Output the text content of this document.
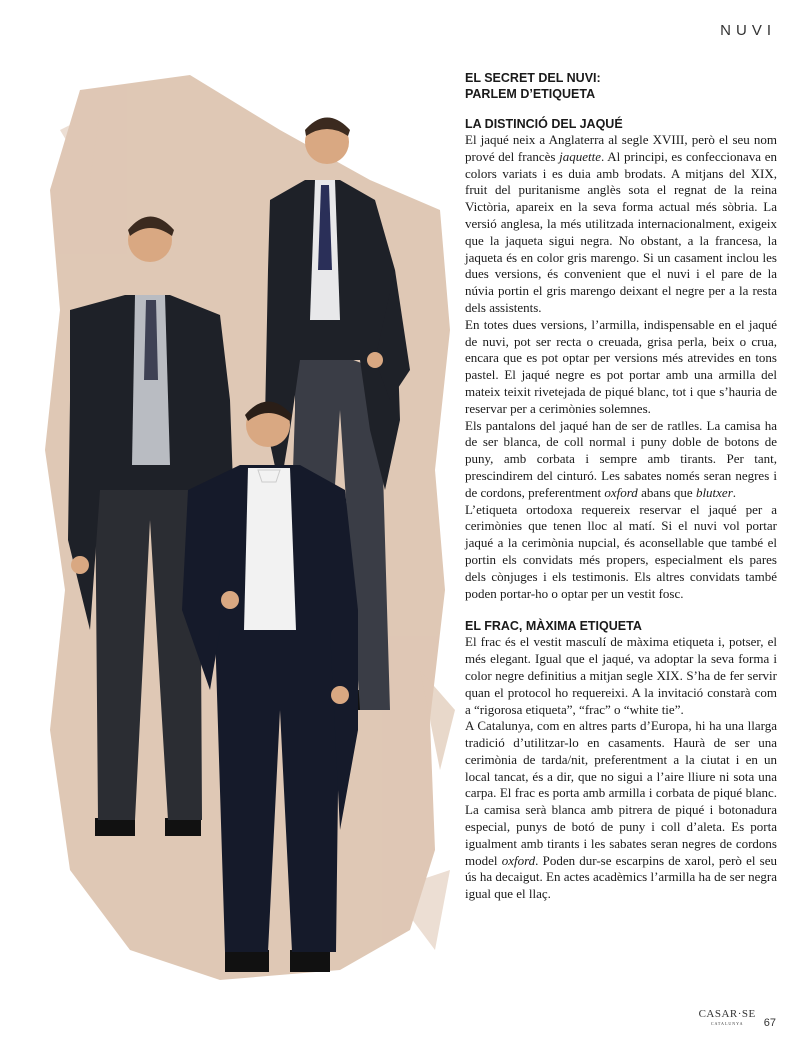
NUVI

EL SECRET DEL NUVI:
PARLEM D’ETIQUETA

LA DISTINCIÓ DEL JAQUÉ

El jaqué neix a Anglaterra al segle XVIII, però el seu nom prové del francès jaquette. Al principi, es confeccionava en colors variats i es duia amb brodats. A mitjans del XIX, fruit del puritanisme anglès sota el regnat de la reina Victòria, apareix en la seva forma actual més sòbria. La versió anglesa, la més utilitzada internacionalment, exigeix que la jaqueta sigui negra. No obstant, a la francesa, la jaqueta és en color gris marengo. Si un casament inclou les dues versions, és convenient que el nuvi i el pare de la núvia portin el gris marengo deixant el negre per a la resta dels assistents.

En totes dues versions, l’armilla, indispensable en el jaqué de nuvi, pot ser recta o creuada, grisa perla, beix o crua, encara que es pot optar per versions més atrevides en tons pastel. El jaqué negre es pot portar amb una armilla del mateix teixit rivetejada de piqué blanc, tot i que s’hauria de reservar per a cerimònies solemnes.

Els pantalons del jaqué han de ser de ratlles. La camisa ha de ser blanca, de coll normal i puny doble de botons de puny, amb corbata i sempre amb tirants. Per tant, prescindirem del cinturó. Les sabates només seran negres i de cordons, preferentment oxford abans que blutxer.

L’etiqueta ortodoxa requereix reservar el jaqué per a cerimònies que tenen lloc al matí. Si el nuvi vol portar jaqué a la cerimònia nupcial, és aconsellable que també el portin els convidats més propers, especialment els pares dels cònjuges i els testimonis. Els altres convidats també poden portar-ho o optar per un vestit fosc.

EL FRAC, MÀXIMA ETIQUETA

El frac és el vestit masculí de màxima etiqueta i, potser, el més elegant. Igual que el jaqué, va adoptar la seva forma i color negre definitius a mitjan segle XIX. S’ha de fer servir quan el protocol ho requereixi. A la invitació constarà com a “rigorosa etiqueta”, “frac” o “white tie”.

A Catalunya, com en altres parts d’Europa, hi ha una llarga tradició d’utilitzar-lo en casaments. Haurà de ser una cerimònia de tarda/nit, preferentment a la ciutat i en un local tancat, és a dir, que no sigui a l’aire lliure ni sota una carpa. El frac es porta amb armilla i corbata de piqué blanc. La camisa serà blanca amb pitrera de piqué i botonadura especial, punys de botó de puny i coll d’aleta. Es porta igualment amb tirants i les sabates seran negres de cordons model oxford. Poden dur-se escarpins de xarol, però el seu ús ha decaigut. En actes acadèmics l’armilla ha de ser negra igual que el llaç.

CASAR·SE
CATALUNYA	67
